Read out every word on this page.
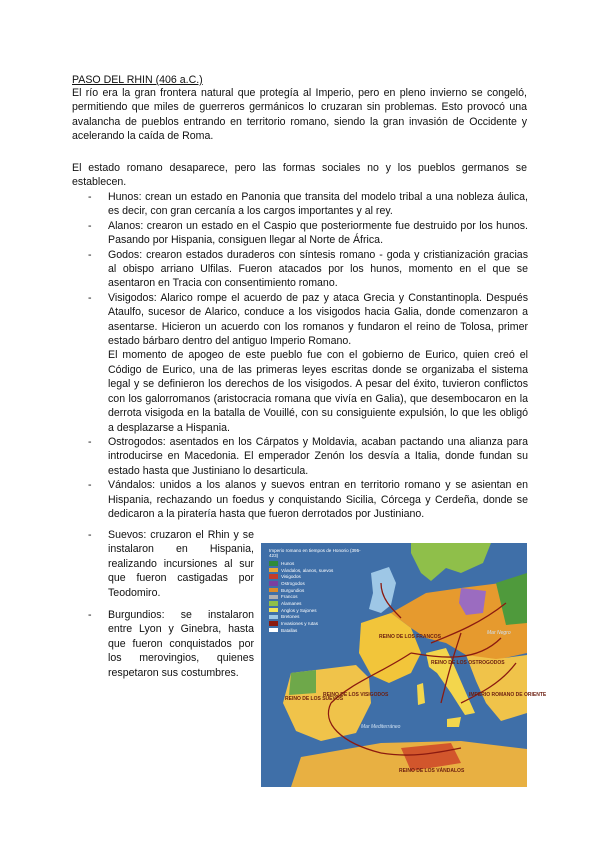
PASO DEL RHIN (406 a.C.)

El río era la gran frontera natural que protegía al Imperio, pero en pleno invierno se congeló, permitiendo que miles de guerreros germánicos lo cruzaran sin problemas. Esto provocó una avalancha de pueblos entrando en territorio romano, siendo la gran invasión de Occidente y acelerando la caída de Roma.

El estado romano desaparece, pero las formas sociales no y los pueblos germanos se establecen.

- Hunos: crean un estado en Panonia que transita del modelo tribal a una nobleza áulica, es decir, con gran cercanía a los cargos importantes y al rey.
- Alanos: crearon un estado en el Caspio que posteriormente fue destruido por los hunos. Pasando por Hispania, consiguen llegar al Norte de África.
- Godos: crearon estados duraderos con síntesis romano - goda y cristianización gracias al obispo arriano Ulfilas. Fueron atacados por los hunos, momento en el que se asentaron en Tracia con consentimiento romano.
- Visigodos: Alarico rompe el acuerdo de paz y ataca Grecia y Constantinopla. Después Ataulfo, sucesor de Alarico, conduce a los visigodos hacia Galia, donde comenzaron a asentarse. Hicieron un acuerdo con los romanos y fundaron el reino de Tolosa, primer estado bárbaro dentro del antiguo Imperio Romano.

El momento de apogeo de este pueblo fue con el gobierno de Eurico, quien creó el Código de Eurico, una de las primeras leyes escritas donde se organizaba el sistema legal y se definieron los derechos de los visigodos. A pesar del éxito, tuvieron conflictos con los galorromanos (aristocracia romana que vivía en Galia), que desembocaron en la derrota visigoda en la batalla de Vouillé, con su consiguiente expulsión, lo que les obligó a desplazarse a Hispania.

- Ostrogodos: asentados en los Cárpatos y Moldavia, acaban pactando una alianza para introducirse en Macedonia. El emperador Zenón los desvía a Italia, donde fundan su estado hasta que Justiniano lo desarticula.
- Vándalos: unidos a los alanos y suevos entran en territorio romano y se asientan en Hispania, rechazando un foedus y conquistando Sicilia, Córcega y Cerdeña, donde se dedicaron a la piratería hasta que fueron derrotados por Justiniano.
- Suevos: cruzaron el Rhin y se instalaron en Hispania, realizando incursiones al sur que fueron castigadas por Teodomiro.
- Burgundios: se instalaron entre Lyon y Ginebra, hasta que fueron conquistados por los merovingios, quienes respetaron sus costumbres.
Imperio romano en tiempos de Honorio (395-423)
Hunos
Vándalos, alanos, suevos
Visigodos
Ostrogodos
Burgundios
Francos
Alamanes
Anglos y Sajones
Bretones
Invasiones y rutas
Batallas
REINO DE LOS FRANCOS
REINO DE LOS VISIGODOS
REINO DE LOS OSTROGODOS
REINO DE LOS VÁNDALOS
REINO DE LOS SUEVOS
Mar Mediterráneo
Mar Negro
IMPERIO ROMANO DE ORIENTE
